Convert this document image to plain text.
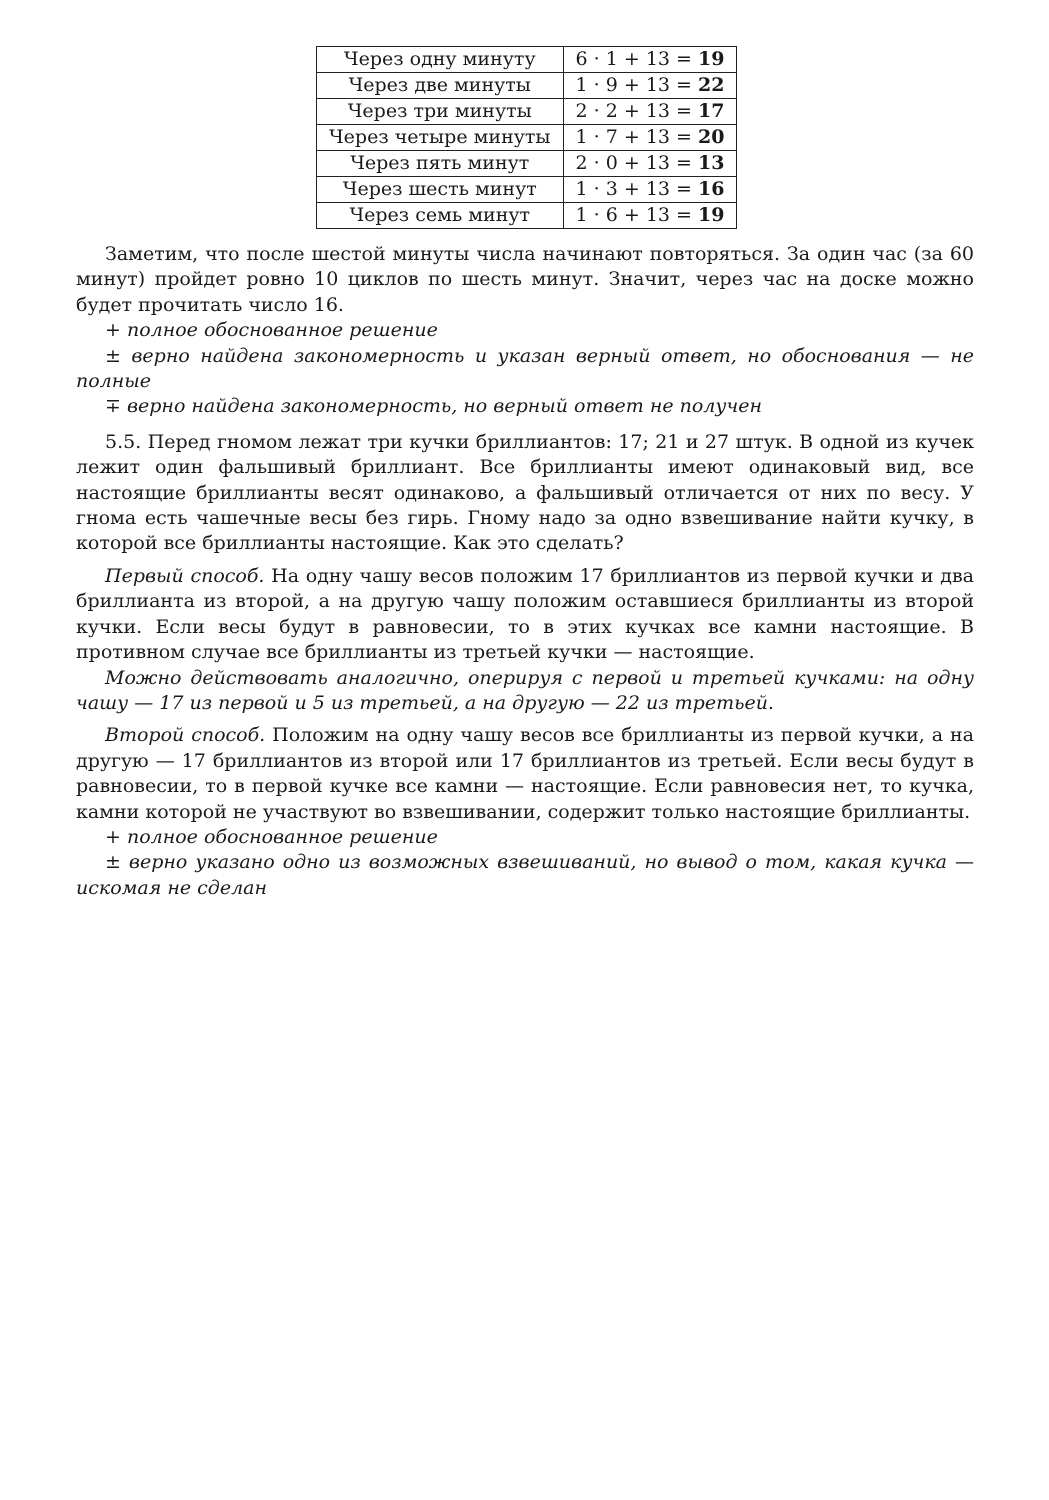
Через одну минуту	6 · 1 + 13 = 19
Через две минуты	1 · 9 + 13 = 22
Через три минуты	2 · 2 + 13 = 17
Через четыре минуты	1 · 7 + 13 = 20
Через пять минут	2 · 0 + 13 = 13
Через шесть минут	1 · 3 + 13 = 16
Через семь минут	1 · 6 + 13 = 19

Заметим, что после шестой минуты числа начинают повторяться. За один час (за 60 минут) пройдет ровно 10 циклов по шесть минут. Значит, через час на доске можно будет прочитать число 16.

+ полное обоснованное решение

± верно найдена закономерность и указан верный ответ, но обоснования — не полные

∓ верно найдена закономерность, но верный ответ не получен

5.5. Перед гномом лежат три кучки бриллиантов: 17; 21 и 27 штук. В одной из кучек лежит один фальшивый бриллиант. Все бриллианты имеют одинаковый вид, все настоящие бриллианты весят одинаково, а фальшивый отличается от них по весу. У гнома есть чашечные весы без гирь. Гному надо за одно взвешивание найти кучку, в которой все бриллианты настоящие. Как это сделать?

Первый способ. На одну чашу весов положим 17 бриллиантов из первой кучки и два бриллианта из второй, а на другую чашу положим оставшиеся бриллианты из второй кучки. Если весы будут в равновесии, то в этих кучках все камни настоящие. В противном случае все бриллианты из третьей кучки — настоящие.

Можно действовать аналогично, оперируя с первой и третьей кучками: на одну чашу — 17 из первой и 5 из третьей, а на другую — 22 из третьей.

Второй способ. Положим на одну чашу весов все бриллианты из первой кучки, а на другую — 17 бриллиантов из второй или 17 бриллиантов из третьей. Если весы будут в равновесии, то в первой кучке все камни — настоящие. Если равновесия нет, то кучка, камни которой не участвуют во взвешивании, содержит только настоящие бриллианты.

+ полное обоснованное решение

± верно указано одно из возможных взвешиваний, но вывод о том, какая кучка — искомая не сделан
